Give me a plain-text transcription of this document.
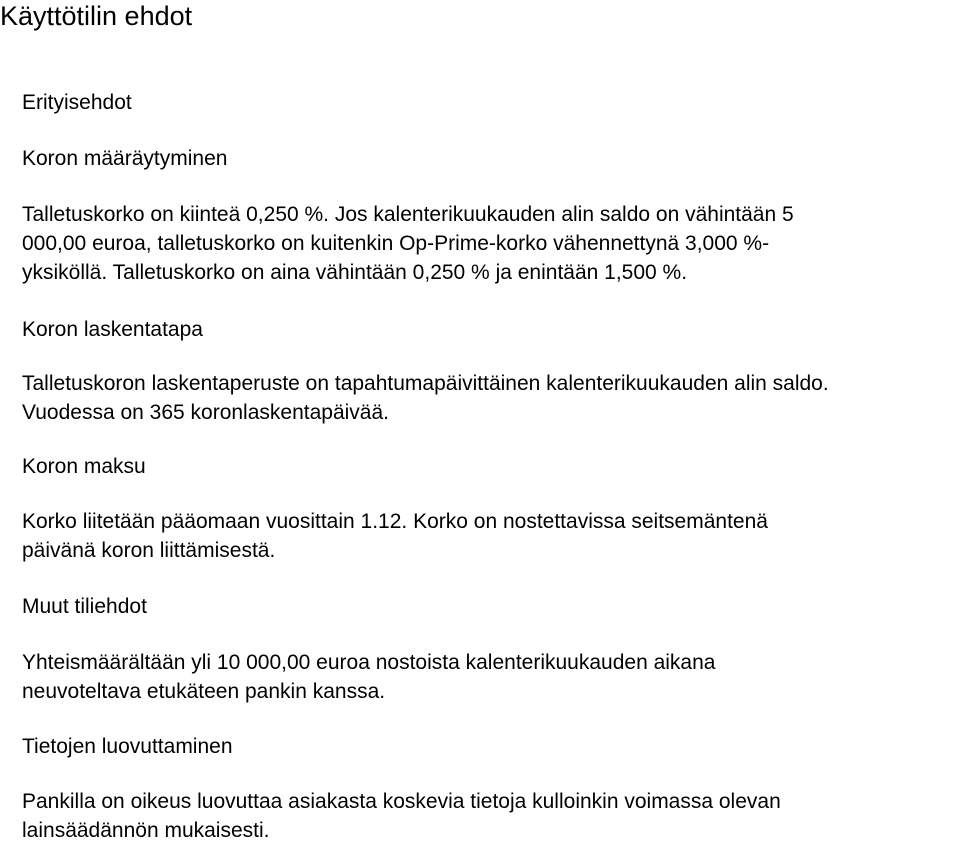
Käyttötilin ehdot
Erityisehdot
Koron määräytyminen
Talletuskorko on kiinteä 0,250 %. Jos kalenterikuukauden alin saldo on vähintään 5
000,00 euroa, talletuskorko on kuitenkin Op-Prime-korko vähennettynä 3,000 %-
yksiköllä. Talletuskorko on aina vähintään 0,250 % ja enintään 1,500 %.
Koron laskentatapa
Talletuskoron laskentaperuste on tapahtumapäivittäinen kalenterikuukauden alin saldo.
Vuodessa on 365 koronlaskentapäivää.
Koron maksu
Korko liitetään pääomaan vuosittain 1.12. Korko on nostettavissa seitsemäntenä
päivänä koron liittämisestä.
Muut tiliehdot
Yhteismäärältään yli 10 000,00 euroa nostoista kalenterikuukauden aikana
neuvoteltava etukäteen pankin kanssa.
Tietojen luovuttaminen
Pankilla on oikeus luovuttaa asiakasta koskevia tietoja kulloinkin voimassa olevan
lainsäädännön mukaisesti.
